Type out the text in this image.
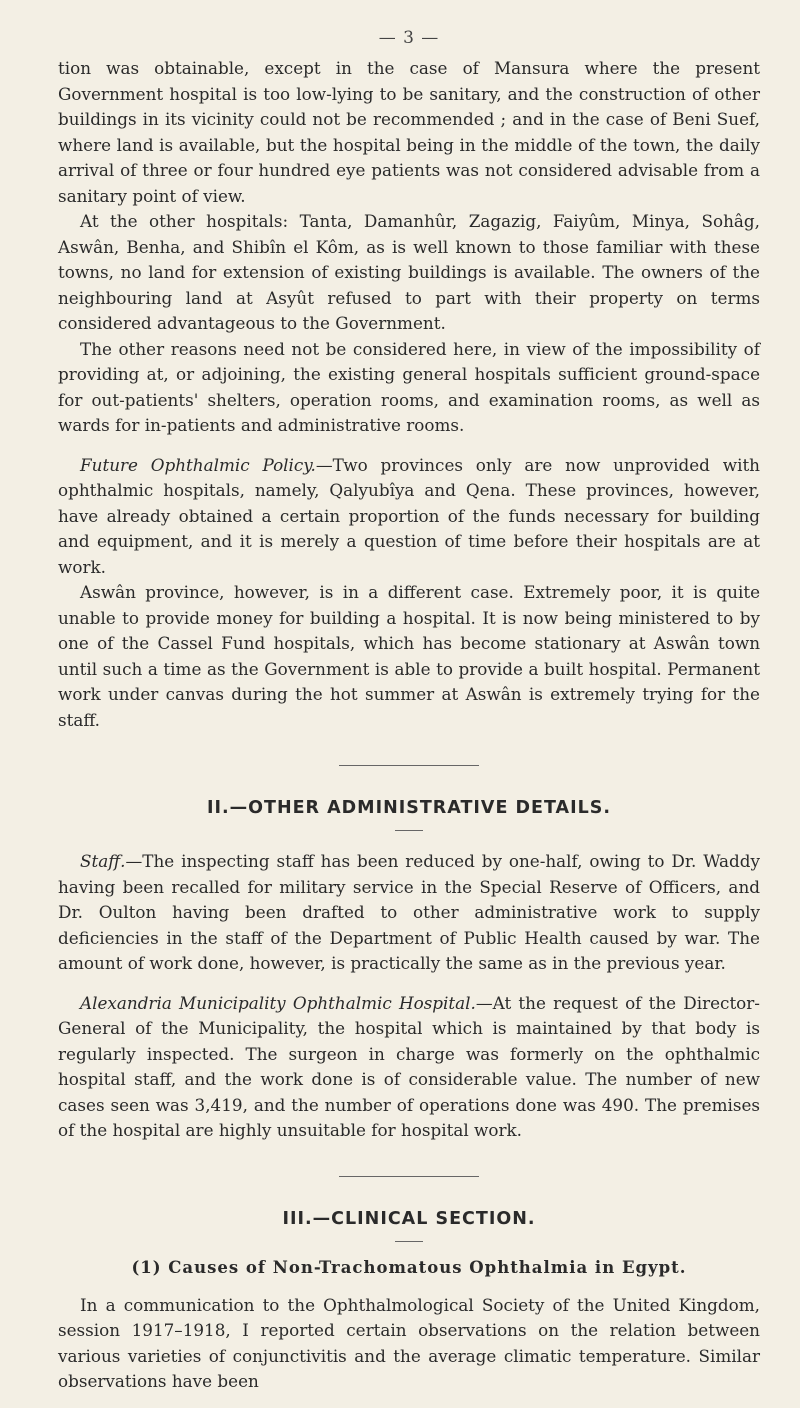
— 3 —

tion was obtainable, except in the case of Mansura where the present Government hospital is too low-lying to be sanitary, and the construction of other buildings in its vicinity could not be recommended ; and in the case of Beni Suef, where land is available, but the hospital being in the middle of the town, the daily arrival of three or four hundred eye patients was not considered advisable from a sanitary point of view.

At the other hospitals: Tanta, Damanhûr, Zagazig, Faiyûm, Minya, Sohâg, Aswân, Benha, and Shibîn el Kôm, as is well known to those familiar with these towns, no land for extension of existing buildings is available. The owners of the neighbouring land at Asyût refused to part with their property on terms considered advantageous to the Government.

The other reasons need not be considered here, in view of the impossibility of providing at, or adjoining, the existing general hospitals sufficient ground-space for out-patients' shelters, operation rooms, and examination rooms, as well as wards for in-patients and administrative rooms.

Future Ophthalmic Policy.—Two provinces only are now unprovided with ophthalmic hospitals, namely, Qalyubîya and Qena. These provinces, however, have already obtained a certain proportion of the funds necessary for building and equipment, and it is merely a question of time before their hospitals are at work.

Aswân province, however, is in a different case. Extremely poor, it is quite unable to provide money for building a hospital. It is now being ministered to by one of the Cassel Fund hospitals, which has become stationary at Aswân town until such a time as the Government is able to provide a built hospital. Permanent work under canvas during the hot summer at Aswân is extremely trying for the staff.

II.—OTHER ADMINISTRATIVE DETAILS.

Staff.—The inspecting staff has been reduced by one-half, owing to Dr. Waddy having been recalled for military service in the Special Reserve of Officers, and Dr. Oulton having been drafted to other administrative work to supply deficiencies in the staff of the Department of Public Health caused by war. The amount of work done, however, is practically the same as in the previous year.

Alexandria Municipality Ophthalmic Hospital.—At the request of the Director-General of the Municipality, the hospital which is maintained by that body is regularly inspected. The surgeon in charge was formerly on the ophthalmic hospital staff, and the work done is of considerable value. The number of new cases seen was 3,419, and the number of operations done was 490. The premises of the hospital are highly unsuitable for hospital work.

III.—CLINICAL SECTION.
(1) Causes of Non-Trachomatous Ophthalmia in Egypt.

In a communication to the Ophthalmological Society of the United Kingdom, session 1917–1918, I reported certain observations on the relation between various varieties of conjunctivitis and the average climatic temperature. Similar observations have been
